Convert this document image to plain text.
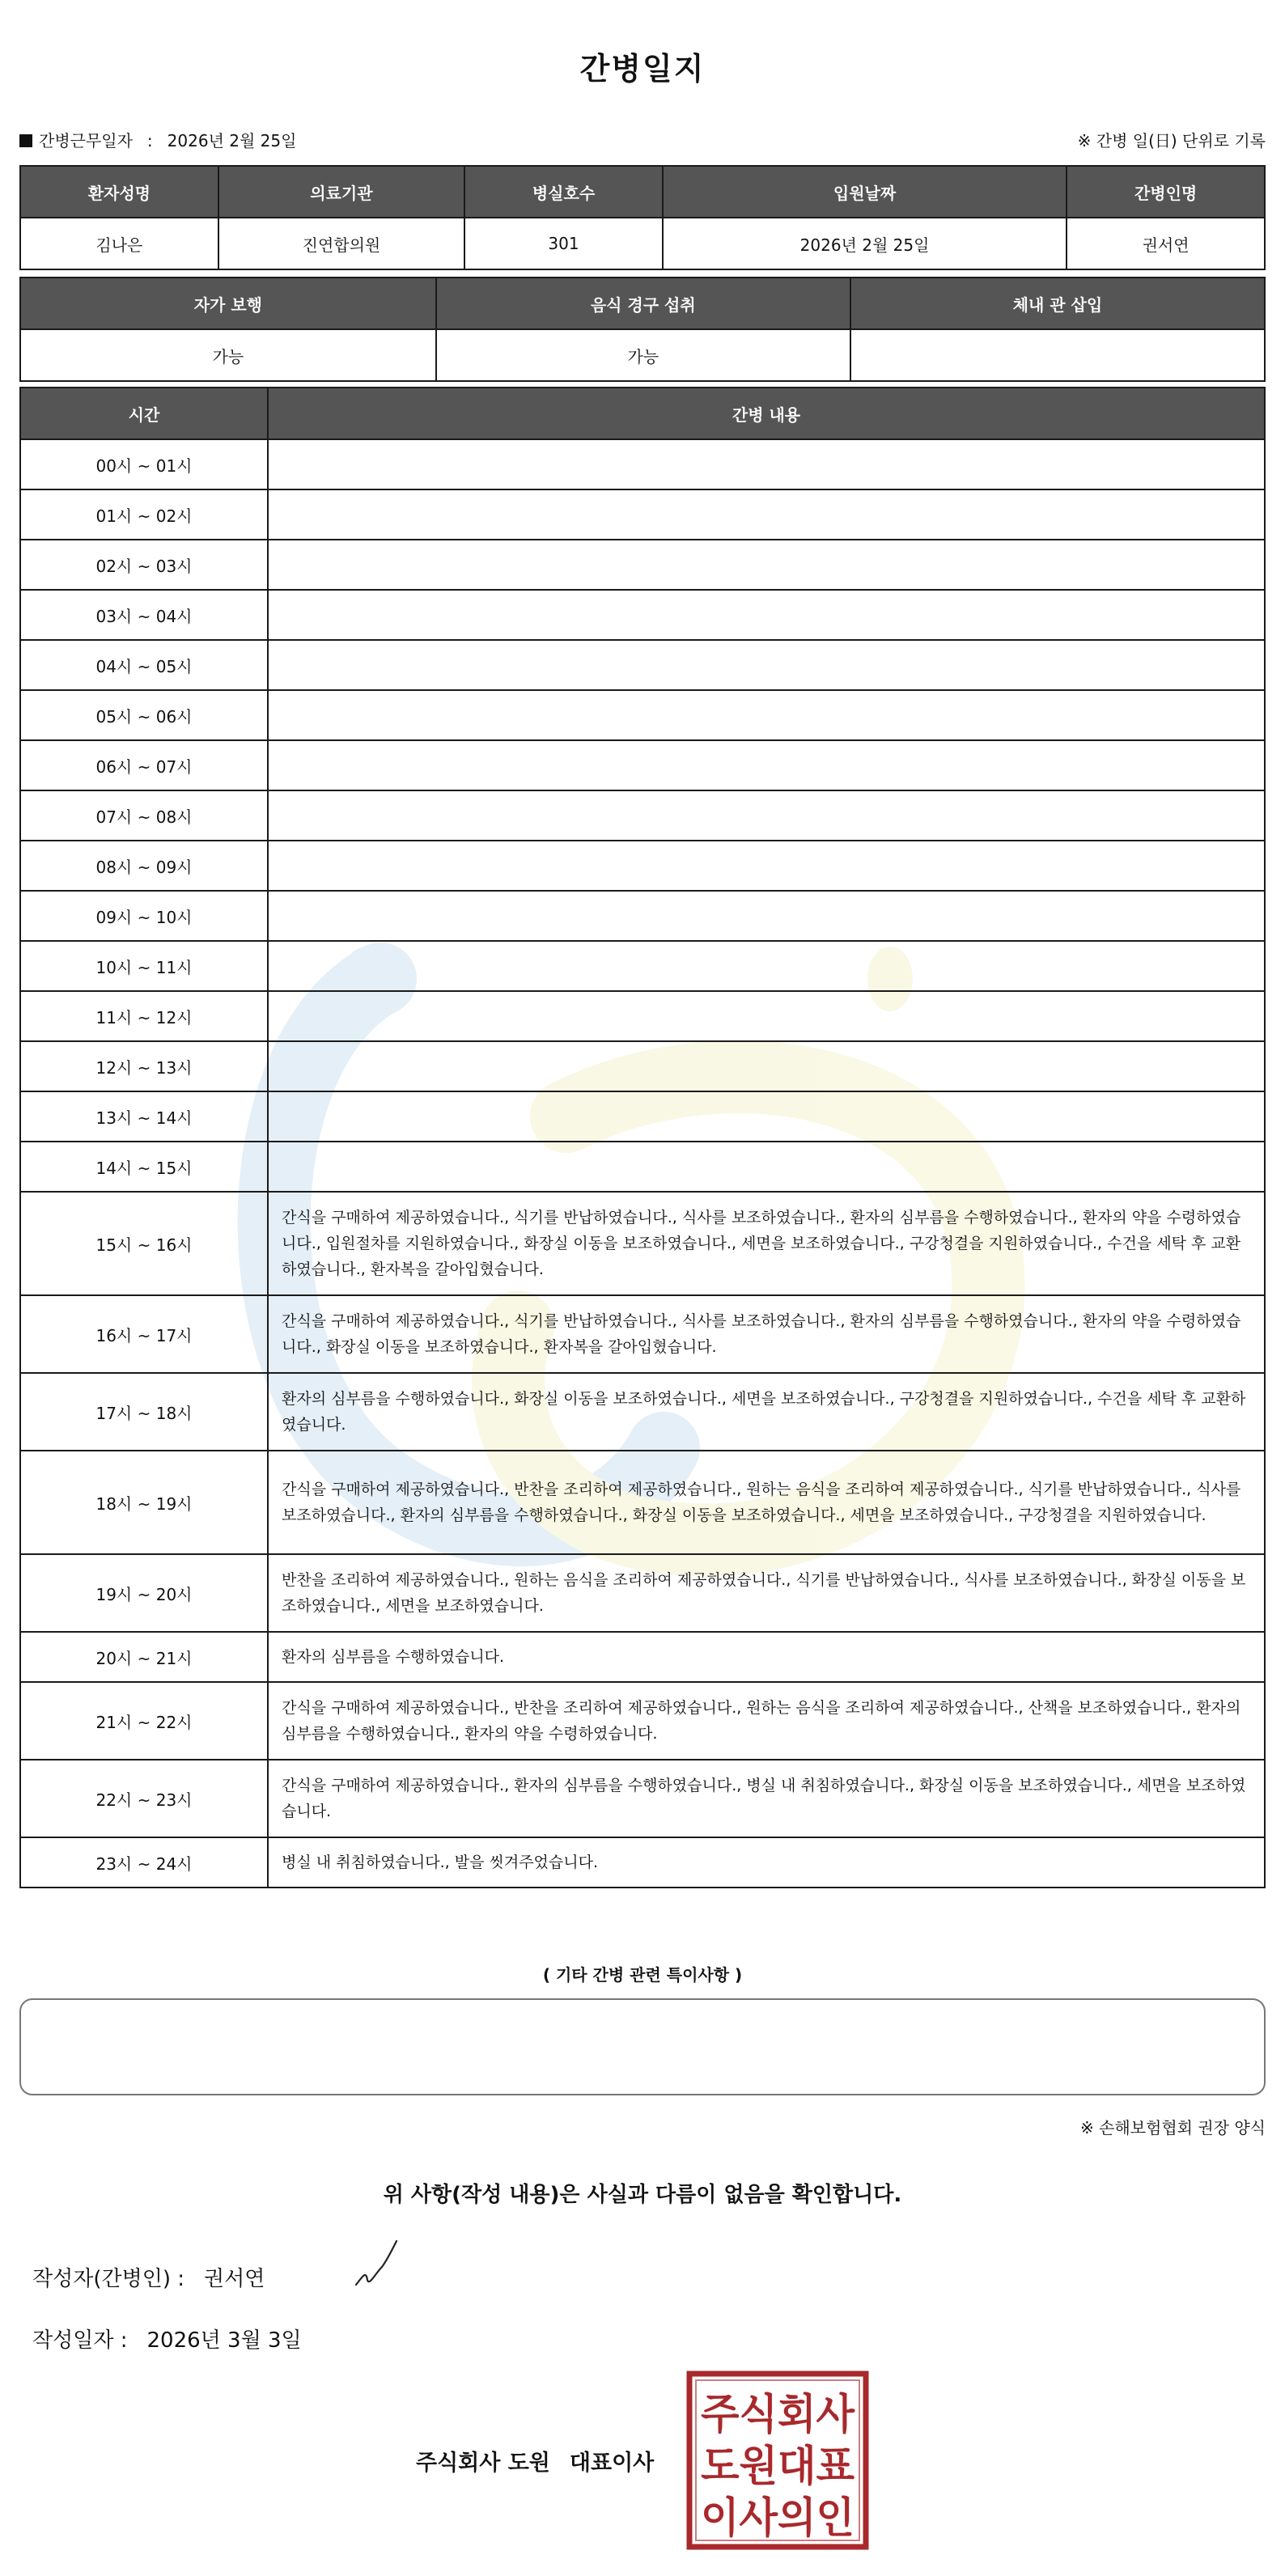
간병일지
간병근무일자 : 2026년 2월 25일	※ 간병 일(日) 단위로 기록
환자성명	의료기관	병실호수	입원날짜	간병인명
김나은	진연합의원	301	2026년 2월 25일	권서연
자가 보행	음식 경구 섭취	체내 관 삽입
가능	가능	
시간	간병 내용
00시 ~ 01시	
01시 ~ 02시	
02시 ~ 03시	
03시 ~ 04시	
04시 ~ 05시	
05시 ~ 06시	
06시 ~ 07시	
07시 ~ 08시	
08시 ~ 09시	
09시 ~ 10시	
10시 ~ 11시	
11시 ~ 12시	
12시 ~ 13시	
13시 ~ 14시	
14시 ~ 15시	
15시 ~ 16시	간식을 구매하여 제공하였습니다., 식기를 반납하였습니다., 식사를 보조하였습니다., 환자의 심부름을 수행하였습니다., 환자의 약을 수령하였습니다., 입원절차를 지원하였습니다., 화장실 이동을 보조하였습니다., 세면을 보조하였습니다., 구강청결을 지원하였습니다., 수건을 세탁 후 교환하였습니다., 환자복을 갈아입혔습니다.
16시 ~ 17시	간식을 구매하여 제공하였습니다., 식기를 반납하였습니다., 식사를 보조하였습니다., 환자의 심부름을 수행하였습니다., 환자의 약을 수령하였습니다., 화장실 이동을 보조하였습니다., 환자복을 갈아입혔습니다.
17시 ~ 18시	환자의 심부름을 수행하였습니다., 화장실 이동을 보조하였습니다., 세면을 보조하였습니다., 구강청결을 지원하였습니다., 수건을 세탁 후 교환하였습니다.
18시 ~ 19시	간식을 구매하여 제공하였습니다., 반찬을 조리하여 제공하였습니다., 원하는 음식을 조리하여 제공하였습니다., 식기를 반납하였습니다., 식사를 보조하였습니다., 환자의 심부름을 수행하였습니다., 화장실 이동을 보조하였습니다., 세면을 보조하였습니다., 구강청결을 지원하였습니다.
19시 ~ 20시	반찬을 조리하여 제공하였습니다., 원하는 음식을 조리하여 제공하였습니다., 식기를 반납하였습니다., 식사를 보조하였습니다., 화장실 이동을 보조하였습니다., 세면을 보조하였습니다.
20시 ~ 21시	환자의 심부름을 수행하였습니다.
21시 ~ 22시	간식을 구매하여 제공하였습니다., 반찬을 조리하여 제공하였습니다., 원하는 음식을 조리하여 제공하였습니다., 산책을 보조하였습니다., 환자의 심부름을 수행하였습니다., 환자의 약을 수령하였습니다.
22시 ~ 23시	간식을 구매하여 제공하였습니다., 환자의 심부름을 수행하였습니다., 병실 내 취침하였습니다., 화장실 이동을 보조하였습니다., 세면을 보조하였습니다.
23시 ~ 24시	병실 내 취침하였습니다., 발을 씻겨주었습니다.
( 기타 간병 관련 특이사항 )
※ 손해보험협회 권장 양식
위 사항(작성 내용)은 사실과 다름이 없음을 확인합니다.
작성자(간병인) : 권서연
작성일자 : 2026년 3월 3일
주식회사 도원 대표이사
주식회사
도원대표
이사의인
